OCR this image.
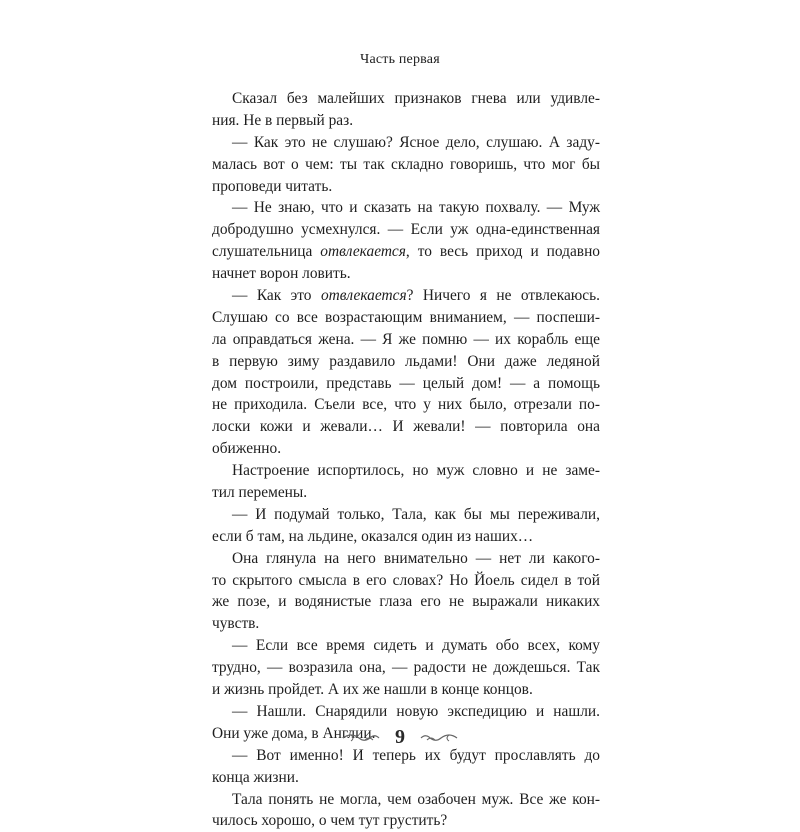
Часть первая
Сказал без малейших признаков гнева или удивле-
ния. Не в первый раз.
— Как это не слушаю? Ясное дело, слушаю. А заду-
малась вот о чем: ты так складно говоришь, что мог бы
проповеди читать.
— Не знаю, что и сказать на такую похвалу. — Муж
добродушно усмехнулся. — Если уж одна-единственная
слушательница отвлекается, то весь приход и подавно
начнет ворон ловить.
— Как это отвлекается? Ничего я не отвлекаюсь.
Слушаю со все возрастающим вниманием, — поспеши-
ла оправдаться жена. — Я же помню — их корабль еще
в первую зиму раздавило льдами! Они даже ледяной
дом построили, представь — целый дом! — а помощь
не приходила. Съели все, что у них было, отрезали по-
лоски кожи и жевали… И жевали! — повторила она
обиженно.
Настроение испортилось, но муж словно и не заме-
тил перемены.
— И подумай только, Тала, как бы мы переживали,
если б там, на льдине, оказался один из наших…
Она глянула на него внимательно — нет ли какого-
то скрытого смысла в его словах? Но Йоель сидел в той
же позе, и водянистые глаза его не выражали никаких
чувств.
— Если все время сидеть и думать обо всех, кому
трудно, — возразила она, — радости не дождешься. Так
и жизнь пройдет. А их же нашли в конце концов.
— Нашли. Снарядили новую экспедицию и нашли.
Они уже дома, в Англии.
— Вот именно! И теперь их будут прославлять до
конца жизни.
Тала понять не могла, чем озабочен муж. Все же кон-
чилось хорошо, о чем тут грустить?
9
